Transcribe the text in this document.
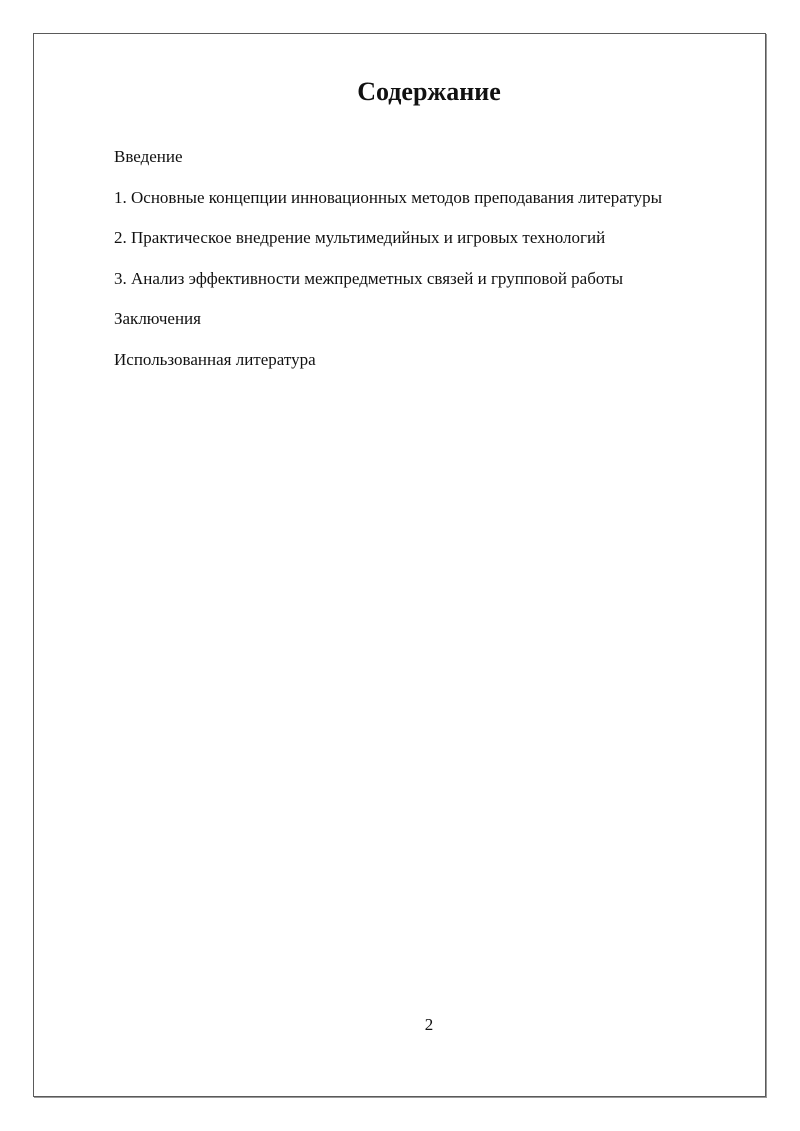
Содержание
Введение
1. Основные концепции инновационных методов преподавания литературы
2. Практическое внедрение мультимедийных и игровых технологий
3. Анализ эффективности межпредметных связей и групповой работы
Заключения
Использованная литература
2
